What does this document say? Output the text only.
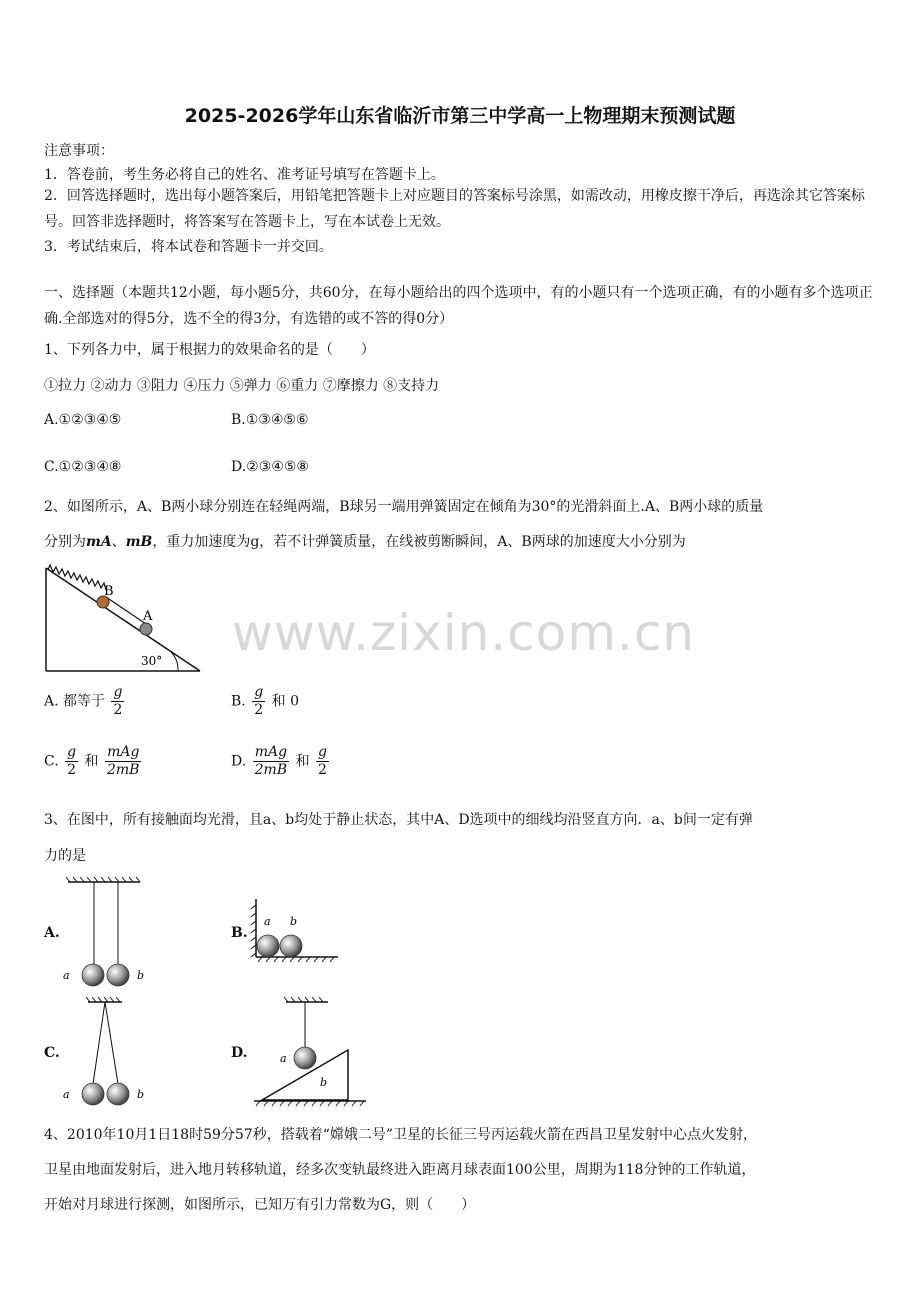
2025-2026学年山东省临沂市第三中学高一上物理期末预测试题
注意事项：
1．答卷前，考生务必将自己的姓名、准考证号填写在答题卡上。
2．回答选择题时，选出每小题答案后，用铅笔把答题卡上对应题目的答案标号涂黑，如需改动，用橡皮擦干净后，再选涂其它答案标号。回答非选择题时，将答案写在答题卡上，写在本试卷上无效。
3．考试结束后，将本试卷和答题卡一并交回。
一、选择题（本题共12小题，每小题5分，共60分，在每小题给出的四个选项中，有的小题只有一个选项正确，有的小题有多个选项正确.全部选对的得5分，选不全的得3分，有选错的或不答的得0分）
1、下列各力中，属于根据力的效果命名的是（　　）
①拉力 ②动力 ③阻力 ④压力 ⑤弹力 ⑥重力 ⑦摩擦力 ⑧支持力
A.①②③④⑤	B.①③④⑤⑥
C.①②③④⑧	D.②③④⑤⑧
2、如图所示，A、B两小球分别连在轻绳两端，B球另一端用弹簧固定在倾角为30°的光滑斜面上.A、B两小球的质量
分别为mA、mB，重力加速度为g，若不计弹簧质量，在线被剪断瞬间，A、B两球的加速度大小分别为
B
A
30° www.zixin.com.cn
A. 都等于 $\frac{g}{2}$	B. $\frac{g}{2}$ 和 0
C. $\frac{g}{2}$ 和 $\frac{\text{mAg}}{2mB}$	D. $\frac{\text{mAg}}{2mB}$ 和 $\frac{g}{2}$
3、在图中，所有接触面均光滑，且a、b均处于静止状态，其中A、D选项中的细线均沿竖直方向．a、b间一定有弹
力的是
A.	B.
C.	D.
a	b
a b
a	b
a
b
4、2010年10月1日18时59分57秒，搭载着“嫦娥二号”卫星的长征三号丙运载火箭在西昌卫星发射中心点火发射，
卫星由地面发射后，进入地月转移轨道，经多次变轨最终进入距离月球表面100公里，周期为118分钟的工作轨道，
开始对月球进行探测，如图所示，已知万有引力常数为G，则（　　）
